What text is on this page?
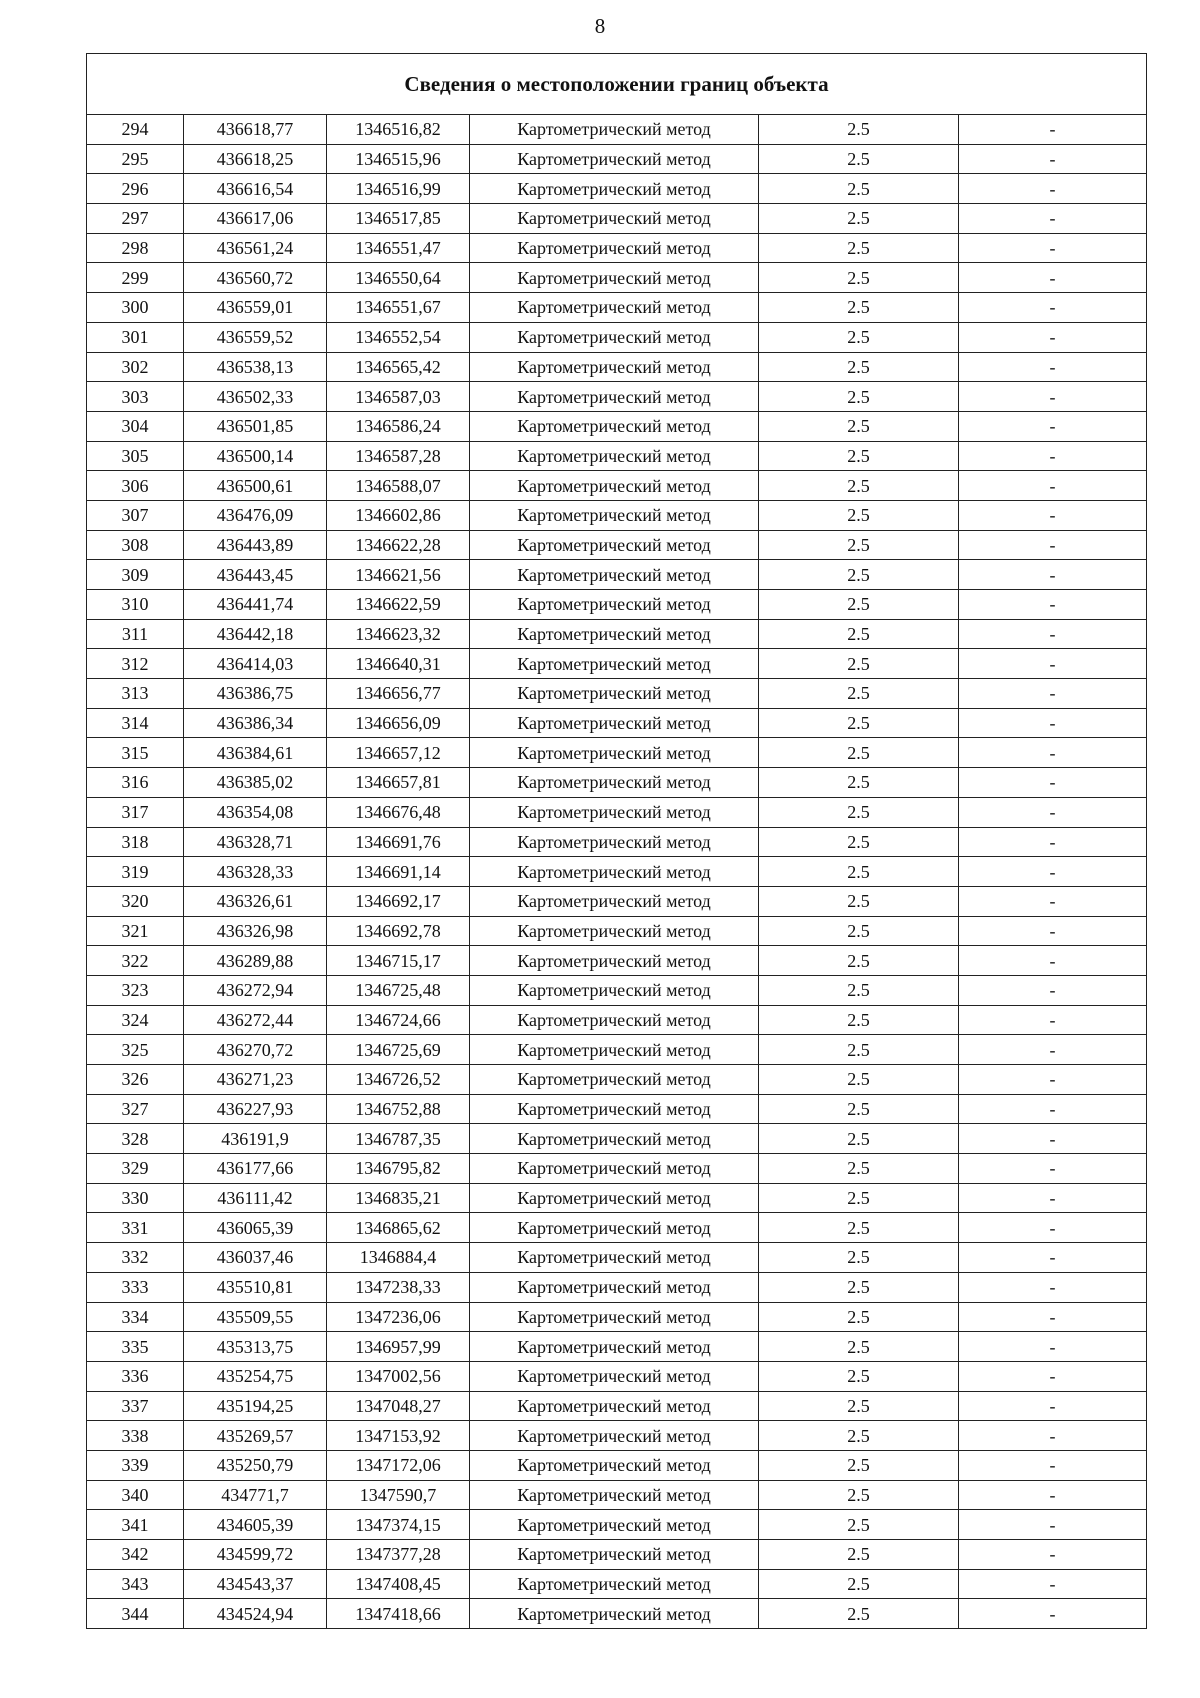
8
Сведения о местоположении границ объекта					
294	436618,77	1346516,82	Картометрический метод	2.5	-
295	436618,25	1346515,96	Картометрический метод	2.5	-
296	436616,54	1346516,99	Картометрический метод	2.5	-
297	436617,06	1346517,85	Картометрический метод	2.5	-
298	436561,24	1346551,47	Картометрический метод	2.5	-
299	436560,72	1346550,64	Картометрический метод	2.5	-
300	436559,01	1346551,67	Картометрический метод	2.5	-
301	436559,52	1346552,54	Картометрический метод	2.5	-
302	436538,13	1346565,42	Картометрический метод	2.5	-
303	436502,33	1346587,03	Картометрический метод	2.5	-
304	436501,85	1346586,24	Картометрический метод	2.5	-
305	436500,14	1346587,28	Картометрический метод	2.5	-
306	436500,61	1346588,07	Картометрический метод	2.5	-
307	436476,09	1346602,86	Картометрический метод	2.5	-
308	436443,89	1346622,28	Картометрический метод	2.5	-
309	436443,45	1346621,56	Картометрический метод	2.5	-
310	436441,74	1346622,59	Картометрический метод	2.5	-
311	436442,18	1346623,32	Картометрический метод	2.5	-
312	436414,03	1346640,31	Картометрический метод	2.5	-
313	436386,75	1346656,77	Картометрический метод	2.5	-
314	436386,34	1346656,09	Картометрический метод	2.5	-
315	436384,61	1346657,12	Картометрический метод	2.5	-
316	436385,02	1346657,81	Картометрический метод	2.5	-
317	436354,08	1346676,48	Картометрический метод	2.5	-
318	436328,71	1346691,76	Картометрический метод	2.5	-
319	436328,33	1346691,14	Картометрический метод	2.5	-
320	436326,61	1346692,17	Картометрический метод	2.5	-
321	436326,98	1346692,78	Картометрический метод	2.5	-
322	436289,88	1346715,17	Картометрический метод	2.5	-
323	436272,94	1346725,48	Картометрический метод	2.5	-
324	436272,44	1346724,66	Картометрический метод	2.5	-
325	436270,72	1346725,69	Картометрический метод	2.5	-
326	436271,23	1346726,52	Картометрический метод	2.5	-
327	436227,93	1346752,88	Картометрический метод	2.5	-
328	436191,9	1346787,35	Картометрический метод	2.5	-
329	436177,66	1346795,82	Картометрический метод	2.5	-
330	436111,42	1346835,21	Картометрический метод	2.5	-
331	436065,39	1346865,62	Картометрический метод	2.5	-
332	436037,46	1346884,4	Картометрический метод	2.5	-
333	435510,81	1347238,33	Картометрический метод	2.5	-
334	435509,55	1347236,06	Картометрический метод	2.5	-
335	435313,75	1346957,99	Картометрический метод	2.5	-
336	435254,75	1347002,56	Картометрический метод	2.5	-
337	435194,25	1347048,27	Картометрический метод	2.5	-
338	435269,57	1347153,92	Картометрический метод	2.5	-
339	435250,79	1347172,06	Картометрический метод	2.5	-
340	434771,7	1347590,7	Картометрический метод	2.5	-
341	434605,39	1347374,15	Картометрический метод	2.5	-
342	434599,72	1347377,28	Картометрический метод	2.5	-
343	434543,37	1347408,45	Картометрический метод	2.5	-
344	434524,94	1347418,66	Картометрический метод	2.5	-
